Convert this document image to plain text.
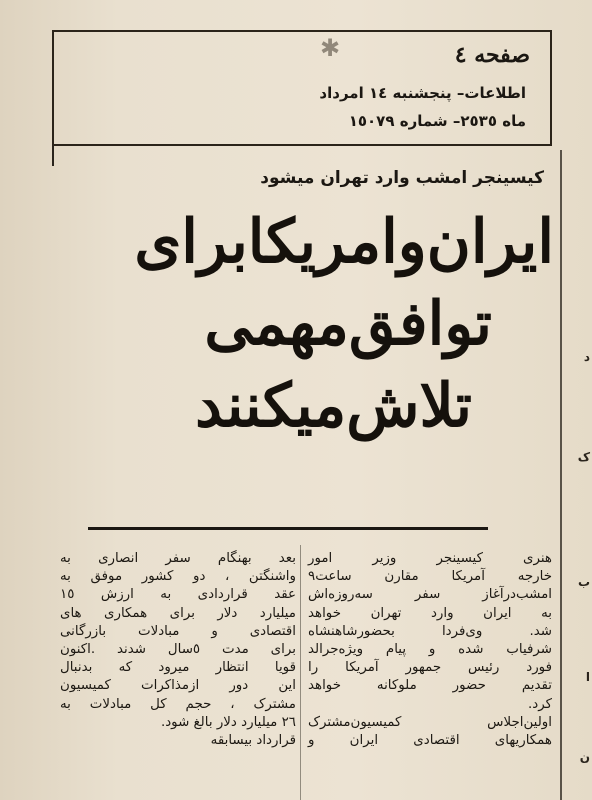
صفحه ٤

اطلاعات– پنجشنبه ١٤ امرداد

ماه ٢٥٣٥– شماره ١٥٠٧٩

✱

کیسینجر امشب وارد تهران میشود

ایران‌وامریکابرای
توافق‌مهمی
تلاش‌میکنند
هنری کیسینجر وزیر امور
خارجه آمریکا مقارن ساعت۹
امشب‌درآغاز سفر سه‌روزه‌اش
به ایران وارد تهران خواهد
شد. وی‌فردا بحضورشاهنشاه
شرفیاب شده و پیام ویژه‌جرالد
فورد رئیس جمهور آمریکا را
تقدیم حضور ملوکانه خواهد
کرد.
اولین‌اجلاس کمیسیون‌مشترک
همکاریهای اقتصادی ایران و
بعد بهنگام سفر انصاری به
واشنگتن ، دو کشور موفق به
عقد قراردادی به ارزش ١٥
میلیارد دلار برای همکاری های
اقتصادی و مبادلات بازرگانی
برای مدت ٥سال شدند .اکنون
قویا انتظار میرود که بدنبال
این دور ازمذاکرات کمیسیون
مشترک ، حجم کل مبادلات به
٢٦ میلیارد دلار بالغ شود.
قرارداد بیسابقه
د
ک
ب
ا
ن
